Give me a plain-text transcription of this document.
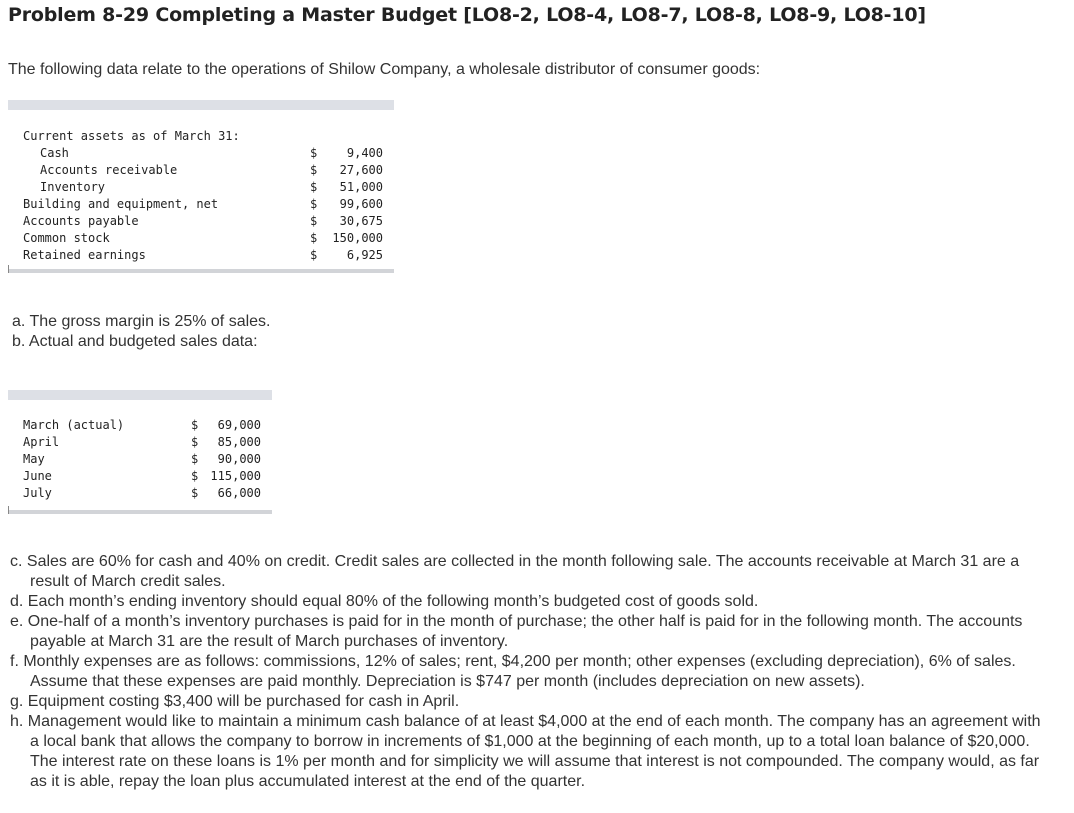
Problem 8-29 Completing a Master Budget [LO8-2, LO8-4, LO8-7, LO8-8, LO8-9, LO8-10]

The following data relate to the operations of Shilow Company, a wholesale distributor of consumer goods:

Current assets as of March 31:
Cash	$	9,400
Accounts receivable	$	27,600
Inventory	$	51,000
Building and equipment, net	$	99,600
Accounts payable	$	30,675
Common stock	$	150,000
Retained earnings	$	6,925

a. The gross margin is 25% of sales.

b. Actual and budgeted sales data:

March (actual)	$	69,000
April	$	85,000
May	$	90,000
June	$	115,000
July	$	66,000

c. Sales are 60% for cash and 40% on credit. Credit sales are collected in the month following sale. The accounts receivable at March 31 are a result of March credit sales.

d. Each month’s ending inventory should equal 80% of the following month’s budgeted cost of goods sold.

e. One-half of a month’s inventory purchases is paid for in the month of purchase; the other half is paid for in the following month. The accounts payable at March 31 are the result of March purchases of inventory.

f. Monthly expenses are as follows: commissions, 12% of sales; rent, $4,200 per month; other expenses (excluding depreciation), 6% of sales. Assume that these expenses are paid monthly. Depreciation is $747 per month (includes depreciation on new assets).

g. Equipment costing $3,400 will be purchased for cash in April.

h. Management would like to maintain a minimum cash balance of at least $4,000 at the end of each month. The company has an agreement with a local bank that allows the company to borrow in increments of $1,000 at the beginning of each month, up to a total loan balance of $20,000. The interest rate on these loans is 1% per month and for simplicity we will assume that interest is not compounded. The company would, as far as it is able, repay the loan plus accumulated interest at the end of the quarter.
